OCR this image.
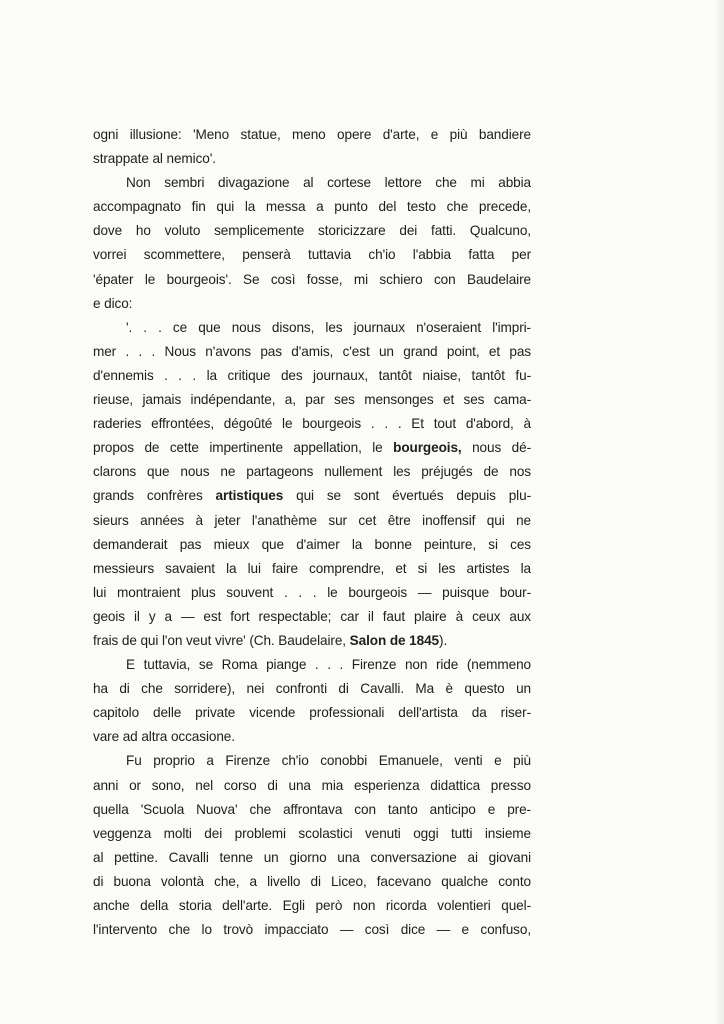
ogni illusione: 'Meno statue, meno opere d'arte, e più bandiere
strappate al nemico'.
Non sembri divagazione al cortese lettore che mi abbia
accompagnato fin qui la messa a punto del testo che precede,
dove ho voluto semplicemente storicizzare dei fatti. Qualcuno,
vorrei scommettere, penserà tuttavia ch'io l'abbia fatta per
'épater le bourgeois'. Se così fosse, mi schiero con Baudelaire
e dico:
'. . . ce que nous disons, les journaux n'oseraient l'impri-
mer . . . Nous n'avons pas d'amis, c'est un grand point, et pas
d'ennemis . . . la critique des journaux, tantôt niaise, tantôt fu-
rieuse, jamais indépendante, a, par ses mensonges et ses cama-
raderies effrontées, dégoûté le bourgeois . . . Et tout d'abord, à
propos de cette impertinente appellation, le bourgeois, nous dé-
clarons que nous ne partageons nullement les préjugés de nos
grands confrères artistiques qui se sont évertués depuis plu-
sieurs années à jeter l'anathème sur cet être inoffensif qui ne
demanderait pas mieux que d'aimer la bonne peinture, si ces
messieurs savaient la lui faire comprendre, et si les artistes la
lui montraient plus souvent . . . le bourgeois — puisque bour-
geois il y a — est fort respectable; car il faut plaire à ceux aux
frais de qui l'on veut vivre' (Ch. Baudelaire, Salon de 1845).
E tuttavia, se Roma piange . . . Firenze non ride (nemmeno
ha di che sorridere), nei confronti di Cavalli. Ma è questo un
capitolo delle private vicende professionali dell'artista da riser-
vare ad altra occasione.
Fu proprio a Firenze ch'io conobbi Emanuele, venti e più
anni or sono, nel corso di una mia esperienza didattica presso
quella 'Scuola Nuova' che affrontava con tanto anticipo e pre-
veggenza molti dei problemi scolastici venuti oggi tutti insieme
al pettine. Cavalli tenne un giorno una conversazione ai giovani
di buona volontà che, a livello di Liceo, facevano qualche conto
anche della storia dell'arte. Egli però non ricorda volentieri quel-
l'intervento che lo trovò impacciato — così dice — e confuso,
